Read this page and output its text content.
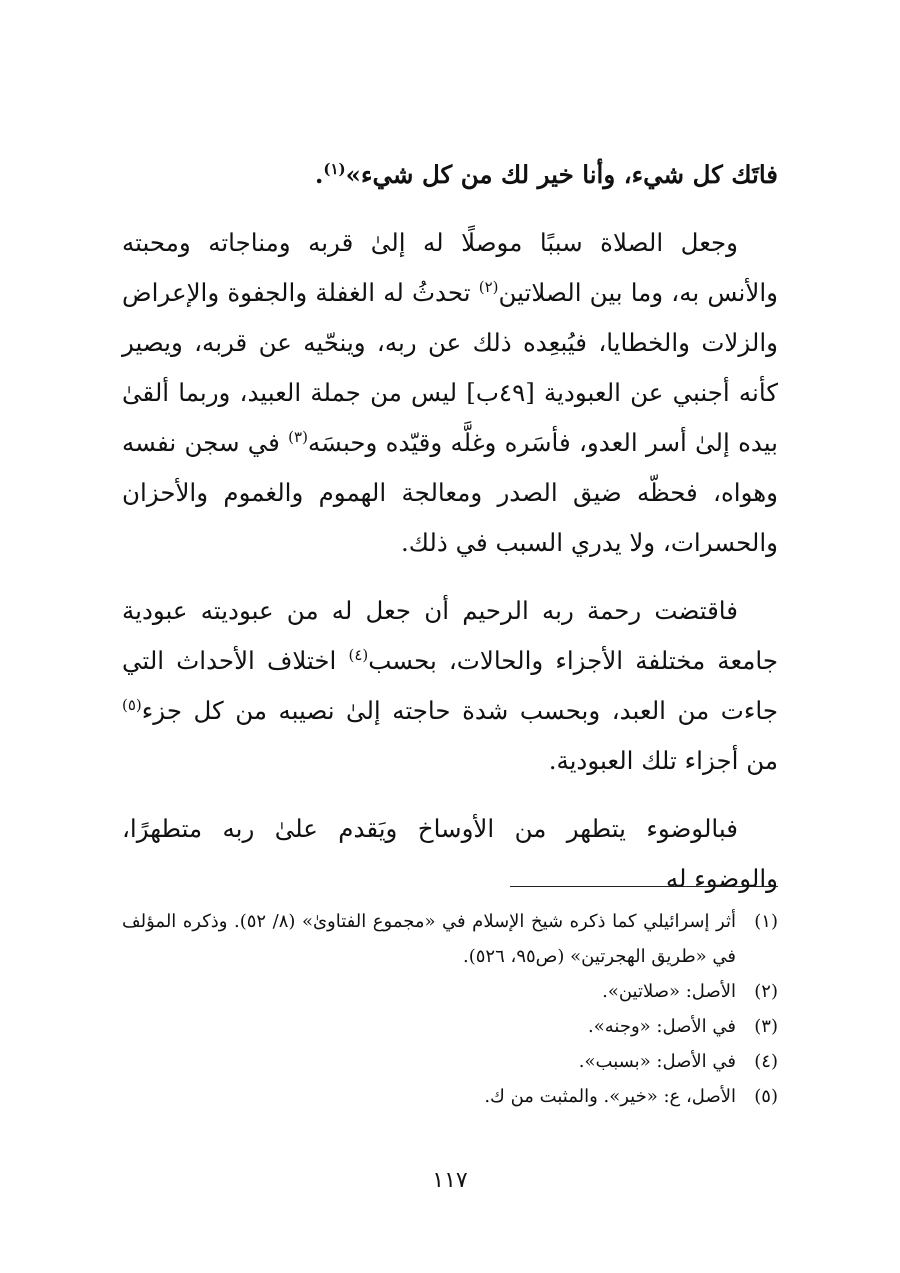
فاتَك كل شيء، وأنا خير لك من كل شيء»$^{(١)}$.

وجعل الصلاة سببًا موصلًا له إلىٰ قربه ومناجاته ومحبته والأنس به، وما بين الصلاتين$^{(٢)}$ تحدثُ له الغفلة والجفوة والإعراض والزلات والخطايا، فيُبعِده ذلك عن ربه، وينحّيه عن قربه، ويصير كأنه أجنبي عن العبودية [٤٩ب] ليس من جملة العبيد، وربما ألقىٰ بيده إلىٰ أسر العدو، فأسَره وغلَّه وقيّده وحبسَه$^{(٣)}$ في سجن نفسه وهواه، فحظّه ضيق الصدر ومعالجة الهموم والغموم والأحزان والحسرات، ولا يدري السبب في ذلك.

فاقتضت رحمة ربه الرحيم أن جعل له من عبوديته عبودية جامعة مختلفة الأجزاء والحالات، بحسب$^{(٤)}$ اختلاف الأحداث التي جاءت من العبد، وبحسب شدة حاجته إلىٰ نصيبه من كل جزء$^{(٥)}$ من أجزاء تلك العبودية.

فبالوضوء يتطهر من الأوساخ ويَقدم علىٰ ربه متطهرًا، والوضوء له

(١)
أثر إسرائيلي كما ذكره شيخ الإسلام في «مجموع الفتاوىٰ» (٨/ ٥٢). وذكره المؤلف في «طريق الهجرتين» (ص٩٥، ٥٢٦).
(٢)
الأصل: «صلاتين».
(٣)
في الأصل: «وجنه».
(٤)
في الأصل: «بسبب».
(٥)
الأصل، ع: «خير». والمثبت من ك.
١١٧
